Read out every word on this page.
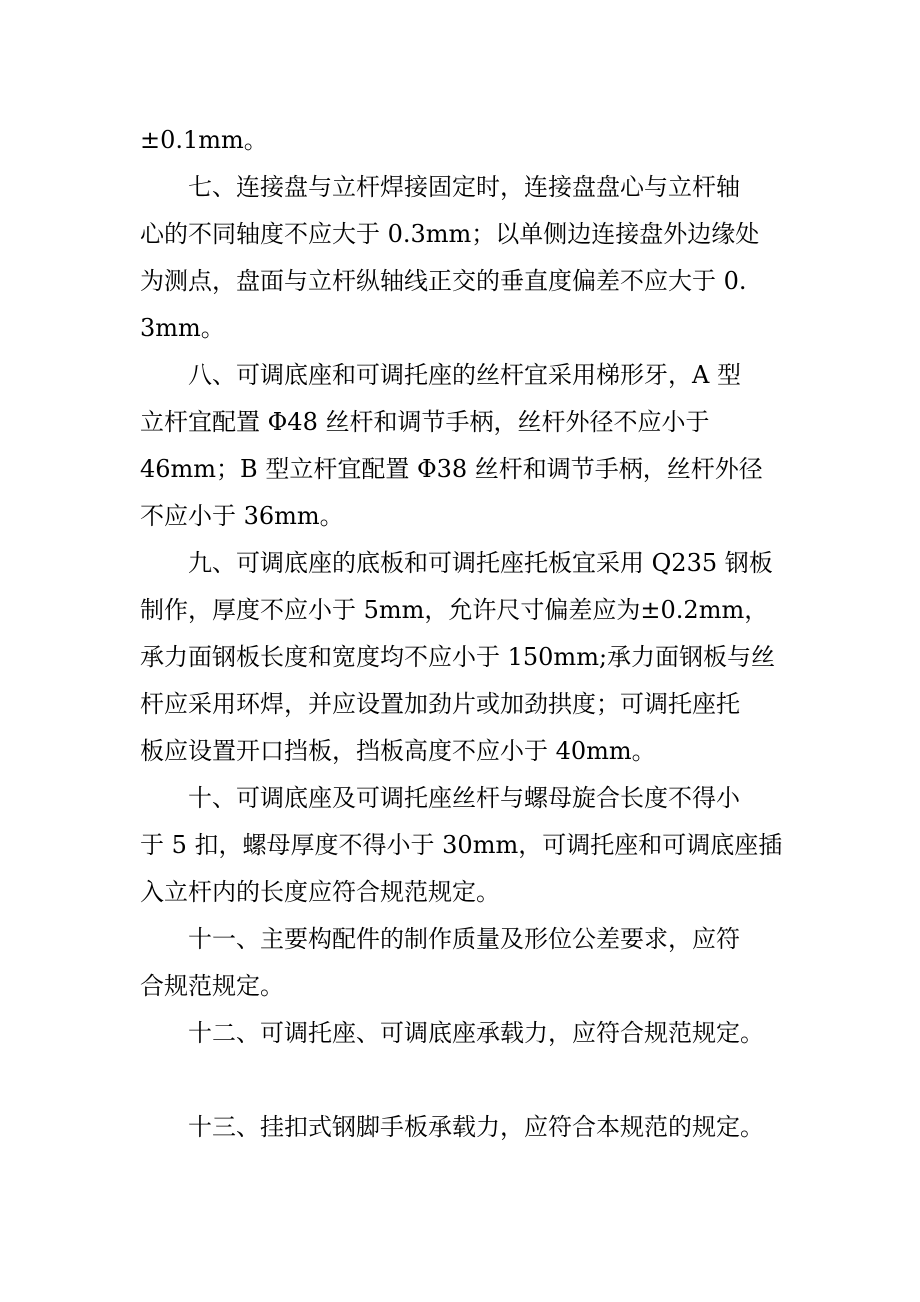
±0.1mm。
七、连接盘与立杆焊接固定时，连接盘盘心与立杆轴
心的不同轴度不应大于 0.3mm；以单侧边连接盘外边缘处
为测点，盘面与立杆纵轴线正交的垂直度偏差不应大于 0.
3mm。
八、可调底座和可调托座的丝杆宜采用梯形牙，A 型
立杆宜配置 Φ48 丝杆和调节手柄，丝杆外径不应小于
46mm；B 型立杆宜配置 Φ38 丝杆和调节手柄，丝杆外径
不应小于 36mm。
九、可调底座的底板和可调托座托板宜采用 Q235 钢板
制作，厚度不应小于 5mm，允许尺寸偏差应为±0.2mm，
承力面钢板长度和宽度均不应小于 150mm;承力面钢板与丝
杆应采用环焊，并应设置加劲片或加劲拱度；可调托座托
板应设置开口挡板，挡板高度不应小于 40mm。
十、可调底座及可调托座丝杆与螺母旋合长度不得小
于 5 扣，螺母厚度不得小于 30mm，可调托座和可调底座插
入立杆内的长度应符合规范规定。
十一、主要构配件的制作质量及形位公差要求，应符
合规范规定。
十二、可调托座、可调底座承载力，应符合规范规定。
十三、挂扣式钢脚手板承载力，应符合本规范的规定。
